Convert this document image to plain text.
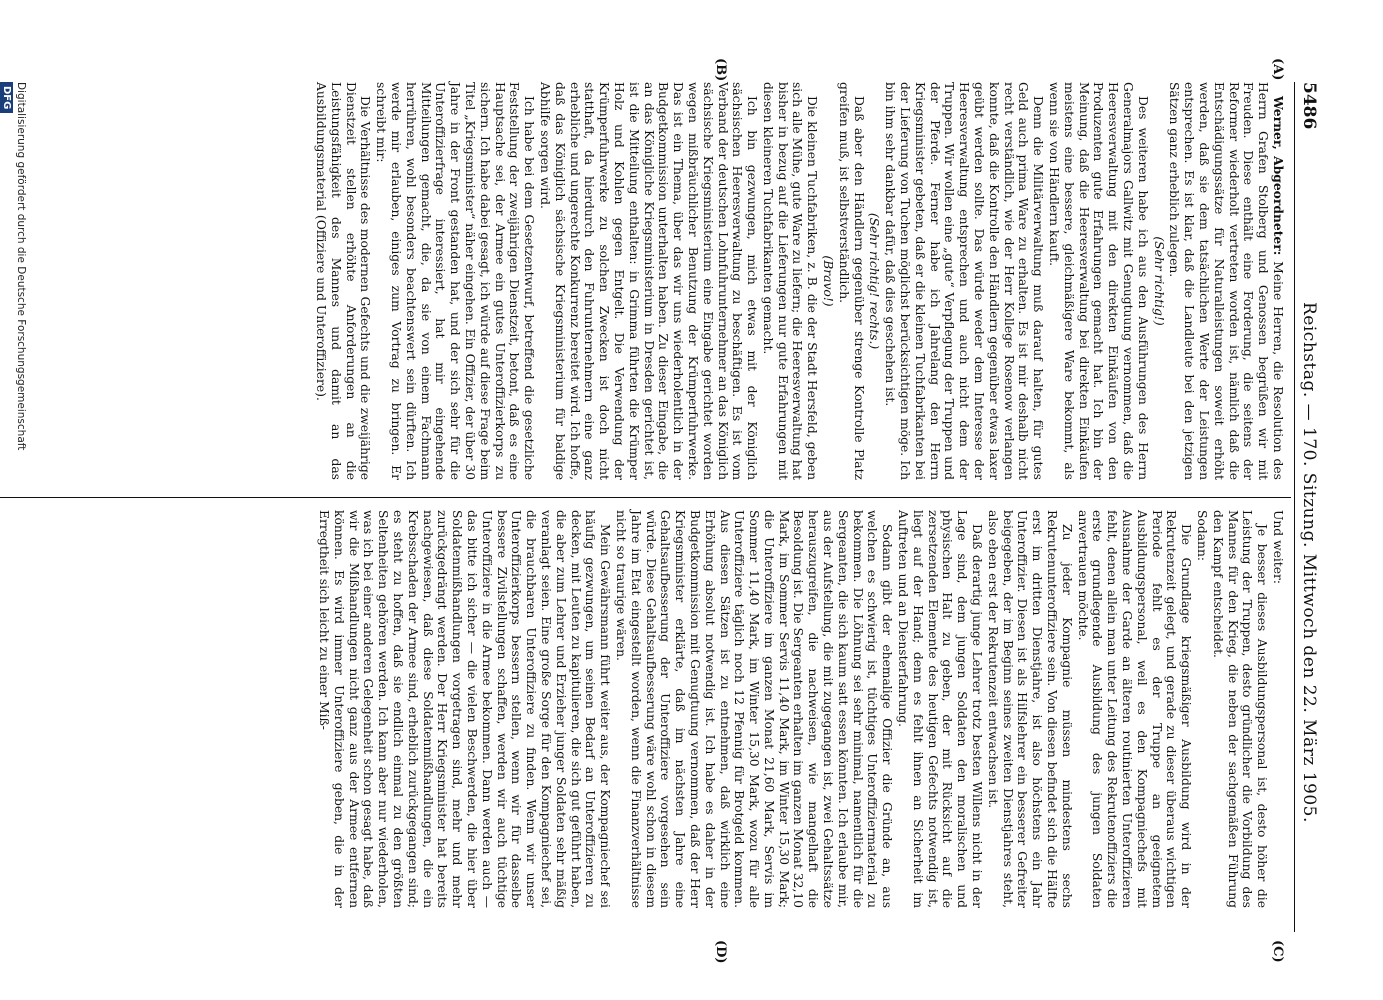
5486
Reichstag. — 170. Sitzung. Mittwoch den 22. März 1905.
(A)
(B)
(C)
(D)

Werner, Abgeordneter: Meine Herren, die Resolution des Herrn Grafen Stolberg und Genossen begrüßen wir mit Freuden. Diese enthält eine Forderung, die seitens der Reformer wiederholt vertreten worden ist, nämlich daß die Entschädigungssätze für Naturalleistungen soweit erhöht werden, daß sie dem tatsächlichen Werte der Leistungen entsprechen. Es ist klar, daß die Landleute bei den jetzigen Sätzen ganz erheblich zulegen.

(Sehr richtig!)

Des weiteren habe ich aus den Ausführungen des Herrn Generalmajors Gallwitz mit Genugtuung vernommen, daß die Heeresverwaltung mit den direkten Einkäufen von den Produzenten gute Erfahrungen gemacht hat. Ich bin der Meinung, daß die Heeresverwaltung bei direkten Einkäufen meistens eine bessere, gleichmäßigere Ware bekommt, als wenn sie von Händlern kauft.

Denn die Militärverwaltung muß darauf halten, für gutes Geld auch prima Ware zu erhalten. Es ist mir deshalb nicht recht verständlich, wie der Herr Kollege Rosenow verlangen konnte, daß die Kontrolle den Händlern gegenüber etwas laxer geübt werden sollte. Das würde weder dem Interesse der Heeresverwaltung entsprechen und auch nicht dem der Truppen. Wir wollen eine „gute“ Verpflegung der Truppen und der Pferde. Ferner habe ich Jahrelang den Herrn Kriegsminister gebeten, daß er die kleinen Tuchfabrikanten bei der Lieferung von Tuchen möglichst berücksichtigen möge. Ich bin ihm sehr dankbar dafür, daß dies geschehen ist.

(Sehr richtig! rechts.)

Daß aber den Händlern gegenüber strenge Kontrolle Platz greifen muß, ist selbstverständlich.

(Bravo!)

Die kleinen Tuchfabriken, z. B. die der Stadt Hersfeld, geben sich alle Mühe, gute Ware zu liefern; die Heeresverwaltung hat bisher in bezug auf die Lieferungen nur gute Erfahrungen mit diesen kleineren Tuchfabrikanten gemacht.

Ich bin gezwungen, mich etwas mit der Königlich sächsischen Heeresverwaltung zu beschäftigen. Es ist vom Verband der deutschen Lohnfuhrunternehmer an das Königlich sächsische Kriegsministerium eine Eingabe gerichtet worden wegen mißbräuchlicher Benutzung der Krümperfuhrwerke. Das ist ein Thema, über das wir uns wiederholentlich in der Budgetkommission unterhalten haben. Zu dieser Eingabe, die an das Königliche Kriegsministerium in Dresden gerichtet ist, ist die Mitteilung enthalten: in Grimma führten die Krümper Holz und Kohlen gegen Entgelt. Die Verwendung der Krümperfuhrwerke zu solchen Zwecken ist doch nicht statthaft, da hierdurch den Fuhrunternehmern eine ganz erhebliche und ungerechte Konkurrenz bereitet wird. Ich hoffe, daß das Königlich sächsische Kriegsministerium für baldige Abhilfe sorgen wird.

Ich habe bei dem Gesetzentwurf, betreffend die gesetzliche Feststellung der zweijährigen Dienstzeit, betont, daß es eine Hauptsache sei, der Armee ein gutes Unteroffizierkorps zu sichern. Ich habe dabei gesagt, ich würde auf diese Frage beim Titel „Kriegsminister“ näher eingehen. Ein Offizier, der über 30 Jahre in der Front gestanden hat, und der sich sehr für die Unteroffizierfrage interessiert, hat mir eingehende Mitteilungen gemacht, die, da sie von einem Fachmann herrühren, wohl besonders beachtenswert sein dürften. Ich werde mir erlauben, einiges zum Vortrag zu bringen. Er schreibt mir:

Die Verhältnisse des modernen Gefechts und die zweijährige Dienstzeit stellen erhöhte Anforderungen an die Leistungsfähigkeit des Mannes und damit an das Ausbildungsmaterial (Offiziere und Unteroffiziere).

Und weiter:

Je besser dieses Ausbildungspersonal ist, desto höher die Leistung der Truppen, desto gründlicher die Vorbildung des Mannes für den Krieg, die neben der sachgemäßen Führung den Kampf entscheidet.

Sodann:

Die Grundlage kriegsmäßiger Ausbildung wird in der Rekrutenzeit gelegt, und gerade zu dieser überaus wichtigen Periode fehlt es der Truppe an geeignetem Ausbildungspersonal, weil es den Kompagniechefs mit Ausnahme der Garde an älteren routinierten Unteroffizieren fehlt, denen allein man unter Leitung des Rekrutenoffiziers die erste grundlegende Ausbildung des jungen Soldaten anvertrauen möchte.

Zu jeder Kompagnie müssen mindestens sechs Rekrutenunteroffiziere sein. Von diesen befindet sich die Hälfte erst im dritten Dienstjahre, ist also höchstens ein Jahr Unteroffizier. Diesen ist als Hilfslehrer ein besserer Gefreiter beigegeben, der im Beginn seines zweiten Dienstjahres steht, also eben erst der Rekrutenzeit entwachsen ist.

Daß derartig junge Lehrer trotz besten Willens nicht in der Lage sind, dem jungen Soldaten den moralischen und physischen Halt zu geben, der mit Rücksicht auf die zersetzenden Elemente des heutigen Gefechts notwendig ist, liegt auf der Hand; denn es fehlt ihnen an Sicherheit im Auftreten und an Diensterfahrung.

Sodann gibt der ehemalige Offizier die Gründe an, aus welchen es schwierig ist, tüchtiges Unteroffiziermaterial zu bekommen. Die Löhnung sei sehr minimal, namentlich für die Sergeanten, die sich kaum satt essen könnten. Ich erlaube mir, aus der Aufstellung, die mit zugegangen ist, zwei Gehaltssätze herauszugreifen, die nachweisen, wie mangelhaft die Besoldung ist. Die Sergeanten erhalten im ganzen Monat 32,10 Mark, im Sommer Servis 11,40 Mark, im Winter 15,30 Mark; die Unteroffiziere im ganzen Monat 21,60 Mark, Servis im Sommer 11,40 Mark, im Winter 15,30 Mark, wozu für alle Unteroffiziere täglich noch 12 Pfennig für Brotgeld kommen. Aus diesen Sätzen ist zu entnehmen, daß wirklich eine Erhöhung absolut notwendig ist. Ich habe es daher in der Budgetkommission mit Genugtuung vernommen, daß der Herr Kriegsminister erklärte, daß im nächsten Jahre eine Gehaltsaufbesserung der Unteroffiziere vorgesehen sein würde. Diese Gehaltsaufbesserung wäre wohl schon in diesem Jahre im Etat eingestellt worden, wenn die Finanzverhältnisse nicht so traurige wären.

Mein Gewährsmann führt weiter aus, der Kompagniechef sei häufig gezwungen, um seinen Bedarf an Unteroffizieren zu decken, mit Leuten zu kapitulieren, die sich gut geführt haben, die aber zum Lehrer und Erzieher junger Soldaten sehr mäßig veranlagt seien. Eine große Sorge für den Kompagniechef sei, die brauchbaren Unteroffiziere zu finden. Wenn wir unser Unteroffizierkorps bessern stellen, wenn wir für dasselbe bessere Zivilstellungen schaffen, werden wir auch tüchtige Unteroffiziere in die Armee bekommen. Dann werden auch — das bitte ich sicher — die vielen Beschwerden, die hier über Soldatenmißhandlungen vorgetragen sind, mehr und mehr zurückgedrängt werden. Der Herr Kriegsminister hat bereits nachgewiesen, daß diese Soldatenmißhandlungen, die ein Krebsschaden der Armee sind, erheblich zurückgegangen sind; es steht zu hoffen, daß sie endlich einmal zu den größten Seltenheiten gehören werden. Ich kann aber nur wiederholen, was ich bei einer anderen Gelegenheit schon gesagt habe, daß wir die Mißhandlungen nicht ganz aus der Armee entfernen können. Es wird immer Unteroffiziere geben, die in der Erregtheit sich leicht zu einer Miß-

Digitalisierung gefördert durch die Deutsche Forschungsgemeinschaft
DFG
